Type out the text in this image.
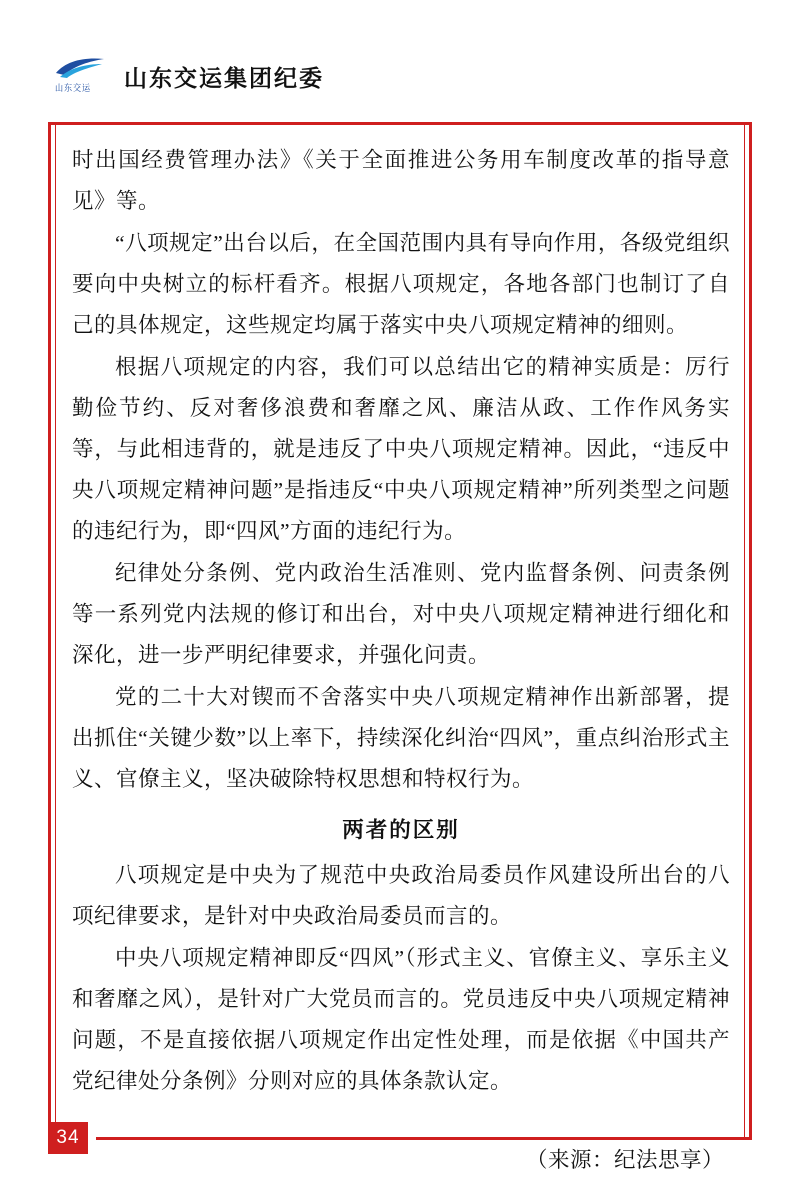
山东交运 山东交运集团纪委
34

时出国经费管理办法》《关于全面推进公务用车制度改革的指导意见》等。

“八项规定”出台以后，在全国范围内具有导向作用，各级党组织要向中央树立的标杆看齐。根据八项规定，各地各部门也制订了自己的具体规定，这些规定均属于落实中央八项规定精神的细则。

根据八项规定的内容，我们可以总结出它的精神实质是：厉行勤俭节约、反对奢侈浪费和奢靡之风、廉洁从政、工作作风务实等，与此相违背的，就是违反了中央八项规定精神。因此，“违反中央八项规定精神问题”是指违反“中央八项规定精神”所列类型之问题的违纪行为，即“四风”方面的违纪行为。

纪律处分条例、党内政治生活准则、党内监督条例、问责条例等一系列党内法规的修订和出台，对中央八项规定精神进行细化和深化，进一步严明纪律要求，并强化问责。

党的二十大对锲而不舍落实中央八项规定精神作出新部署，提出抓住“关键少数”以上率下，持续深化纠治“四风”，重点纠治形式主义、官僚主义，坚决破除特权思想和特权行为。

两者的区别

八项规定是中央为了规范中央政治局委员作风建设所出台的八项纪律要求，是针对中央政治局委员而言的。

中央八项规定精神即反“四风”（形式主义、官僚主义、享乐主义和奢靡之风），是针对广大党员而言的。党员违反中央八项规定精神问题，不是直接依据八项规定作出定性处理，而是依据《中国共产党纪律处分条例》分则对应的具体条款认定。

（来源：纪法思享）
